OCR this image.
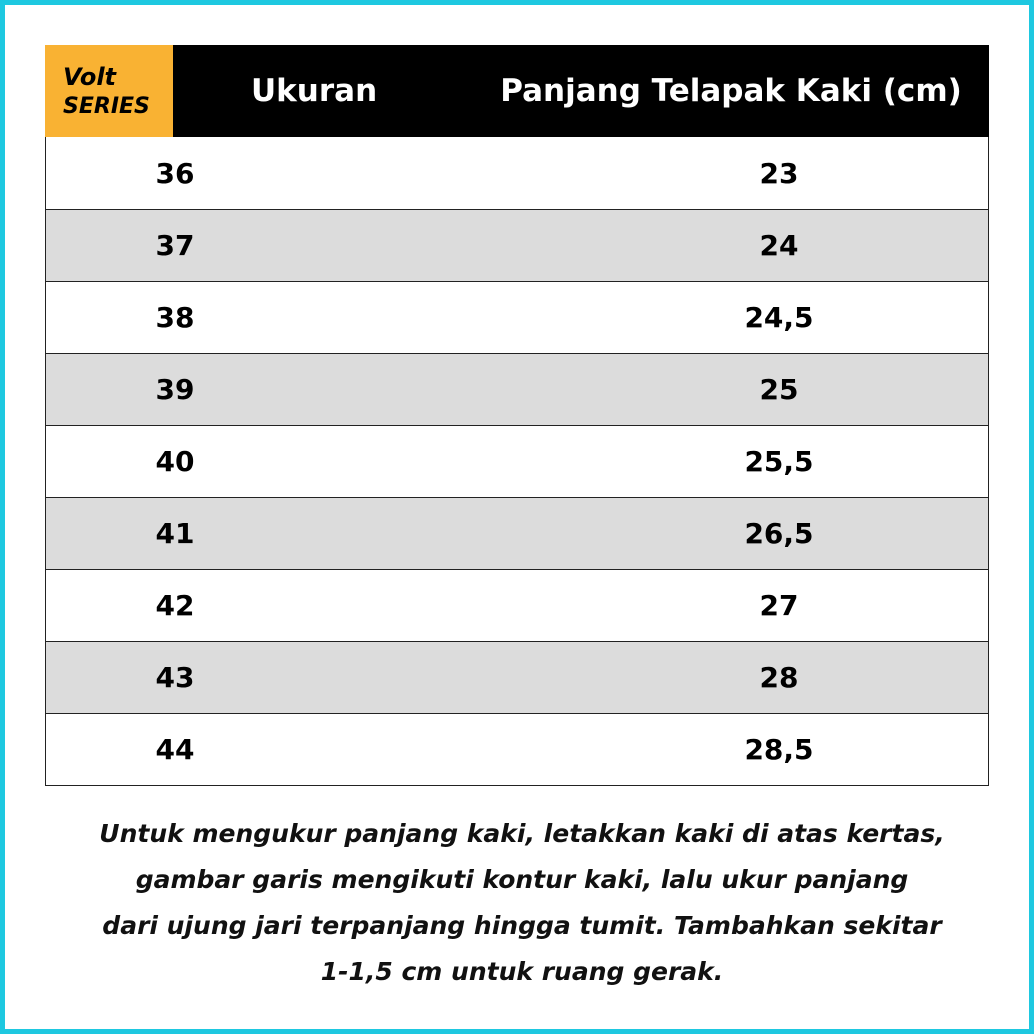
Volt
SERIES	Ukuran	Panjang Telapak Kaki (cm)
36	23
37	24
38	24,5
39	25
40	25,5
41	26,5
42	27
43	28
44	28,5
Untuk mengukur panjang kaki, letakkan kaki di atas kertas,
gambar garis mengikuti kontur kaki, lalu ukur panjang
dari ujung jari terpanjang hingga tumit. Tambahkan sekitar
1-1,5 cm untuk ruang gerak.
